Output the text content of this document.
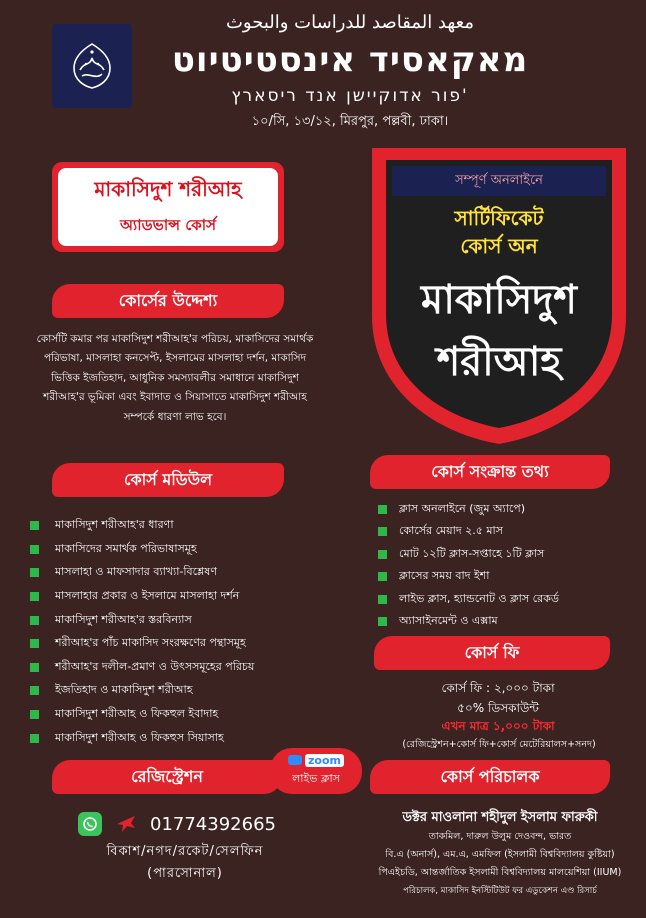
معهد المقاصد للدراسات والبحوث
מאקאסיד אינסטיטיוט
פור אדוקיישן אנד ריסארץ'
১০/সি, ১৩/১২, মিরপুর, পল্লবী, ঢাকা।
মাকাসিদুশ শরীআহ
অ্যাডভান্স কোর্স
কোর্সের উদ্দেশ্য
কোর্সটি কমার পর মাকাসিদুশ শরীআহ'র পরিচয়, মাকাসিদের সমার্থক পরিভাষা, মাসলাহা কনসেপ্ট, ইসলামের মাসলাহা দর্শন, মাকাসিদ ভিত্তিক ইজতিহাদ, আধুনিক সমস্যাবলীর সমাধানে মাকাসিদুশ শরীআহ'র ভূমিকা এবং ইবাদাত ও সিয়াসাতে মাকাসিদুশ শরীআহ সম্পর্কে ধারণা লাভ হবে।
কোর্স মডিউল
মাকাসিদুশ শরীআহ'র ধারণা
মাকাসিদের সমার্থক পরিভাষাসমূহ
মাসলাহা ও মাফসাদার ব্যাখ্যা-বিশ্লেষণ
মাসলাহার প্রকার ও ইসলামে মাসলাহা দর্শন
মাকাসিদুশ শরীআহ'র স্তরবিন্যাস
শরীআহ'র পাঁচ মাকাসিদ সংরক্ষণের পন্থাসমূহ
শরীআহ'র দলীল-প্রমাণ ও উৎসসমূহের পরিচয়
ইজতিহাদ ও মাকাসিদুশ শরীআহ
মাকাসিদুশ শরীআহ ও ফিকহুল ইবাদাহ
মাকাসিদুশ শরীআহ ও ফিকহুস সিয়াসাহ
সম্পূর্ণ অনলাইনে
সার্টিফিকেট
কোর্স অন
মাকাসিদুশ
শরীআহ
কোর্স সংক্রান্ত তথ্য
ক্লাস অনলাইনে (জুম অ্যাপে)
কোর্সের মেয়াদ ২.৫ মাস
মোট ১২টি ক্লাস-সপ্তাহে ১টি ক্লাস
ক্লাসের সময় বাদ ইশা
লাইভ ক্লাস, হ্যান্ডনোট ও ক্লাস রেকর্ড
অ্যাসাইনমেন্ট ও এক্সাম
কোর্স ফি
কোর্স ফি : ২,০০০ টাকা
৫০% ডিসকাউন্ট
এখন মাত্র ১,০০০ টাকা
(রেজিস্ট্রেশন+কোর্স ফি+কোর্স মেটেরিয়ালস+সনদ)
রেজিস্ট্রেশন
01774392665
বিকাশ/নগদ/রকেট/সেলফিন
(পারসোনাল)
zoom
লাইভ ক্লাস	কোর্স পরিচালক
ডক্টর মাওলানা শহীদুল ইসলাম ফারুকী
তাকমিল, দারুল উলুম দেওবন্দ, ভারত
বি.এ (অনার্স), এম.এ, এমফিল (ইসলামী বিশ্ববিদ্যালয় কুষ্টিয়া)
পিএইচডি, আন্তর্জাতিক ইসলামী বিশ্ববিদ্যালয় মালয়েশিয়া (IIUM)
পরিচালক, মাকাসিদ ইনস্টিটিউট ফর এডুকেশন এণ্ড রিসার্চ
